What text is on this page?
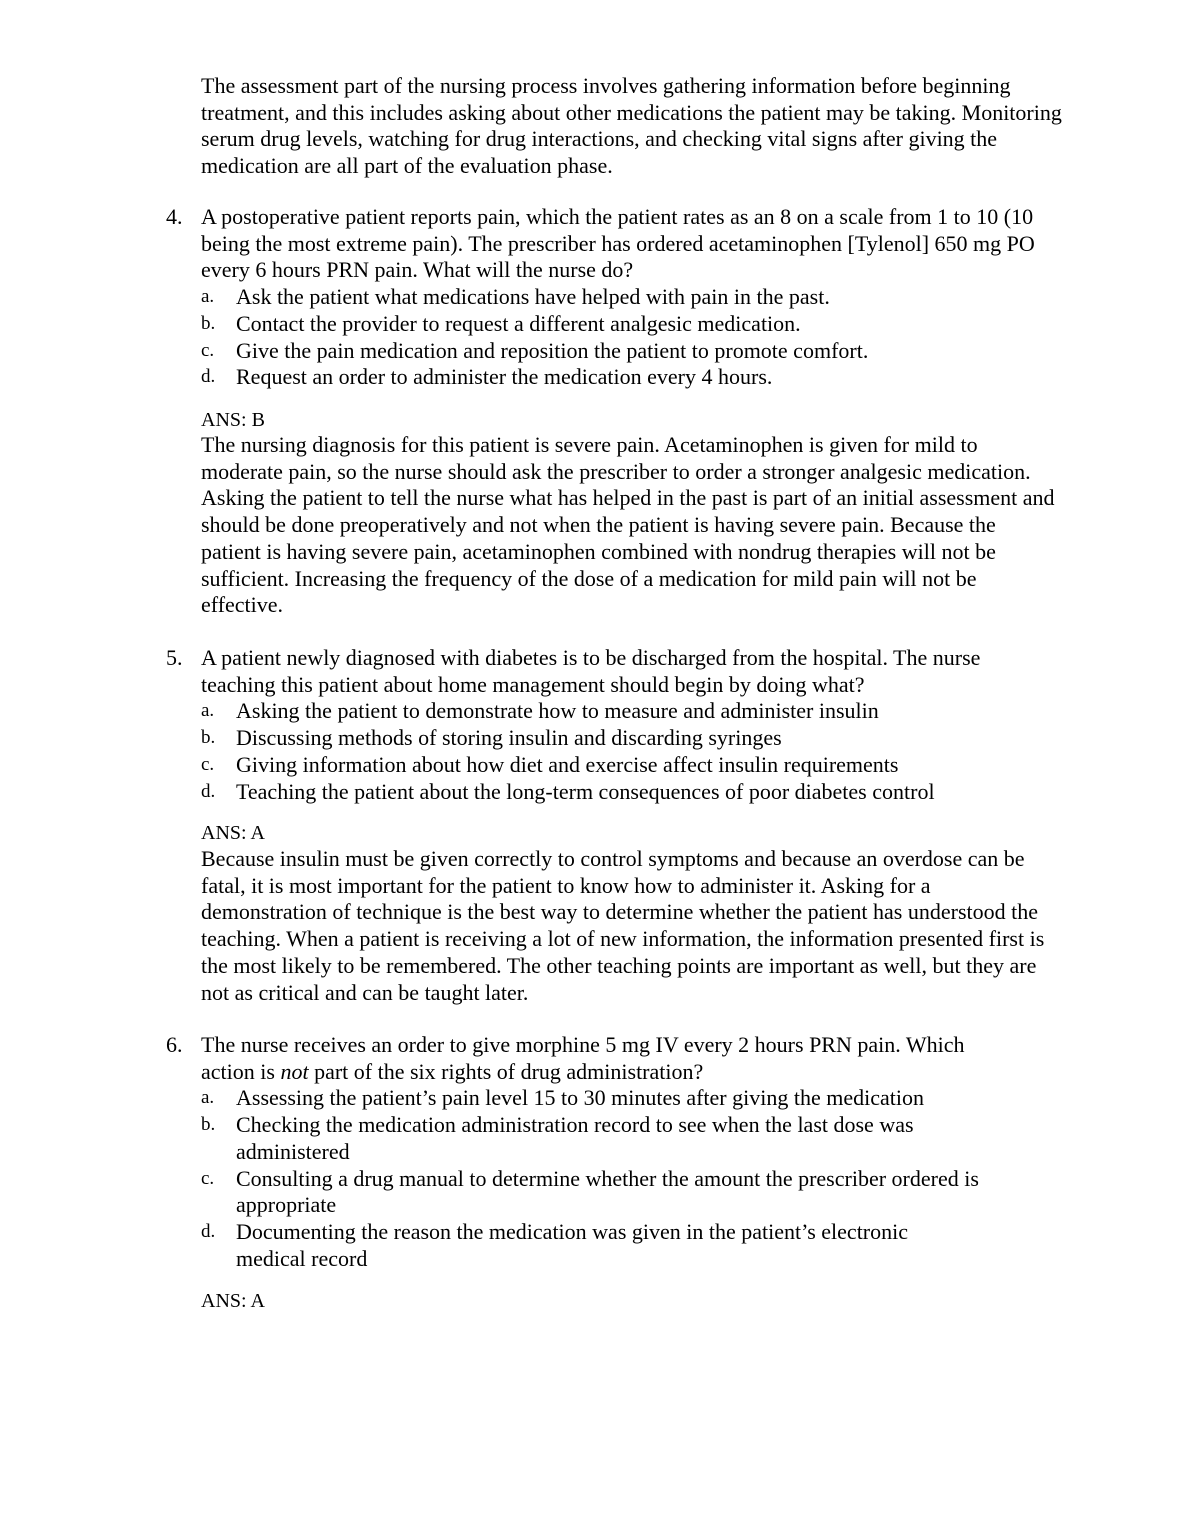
The assessment part of the nursing process involves gathering information before beginning treatment, and this includes asking about other medications the patient may be taking. Monitoring serum drug levels, watching for drug interactions, and checking vital signs after giving the medication are all part of the evaluation phase.

4. A postoperative patient reports pain, which the patient rates as an 8 on a scale from 1 to 10 (10 being the most extreme pain). The prescriber has ordered acetaminophen [Tylenol] 650 mg PO every 6 hours PRN pain. What will the nurse do?

a. Ask the patient what medications have helped with pain in the past.
b. Contact the provider to request a different analgesic medication.
c. Give the pain medication and reposition the patient to promote comfort.
d. Request an order to administer the medication every 4 hours.

ANS: B

The nursing diagnosis for this patient is severe pain. Acetaminophen is given for mild to moderate pain, so the nurse should ask the prescriber to order a stronger analgesic medication. Asking the patient to tell the nurse what has helped in the past is part of an initial assessment and should be done preoperatively and not when the patient is having severe pain. Because the patient is having severe pain, acetaminophen combined with nondrug therapies will not be sufficient. Increasing the frequency of the dose of a medication for mild pain will not be effective.

5. A patient newly diagnosed with diabetes is to be discharged from the hospital. The nurse teaching this patient about home management should begin by doing what?

a. Asking the patient to demonstrate how to measure and administer insulin
b. Discussing methods of storing insulin and discarding syringes
c. Giving information about how diet and exercise affect insulin requirements
d. Teaching the patient about the long-term consequences of poor diabetes control

ANS: A

Because insulin must be given correctly to control symptoms and because an overdose can be fatal, it is most important for the patient to know how to administer it. Asking for a demonstration of technique is the best way to determine whether the patient has understood the teaching. When a patient is receiving a lot of new information, the information presented first is the most likely to be remembered. The other teaching points are important as well, but they are not as critical and can be taught later.

6. The nurse receives an order to give morphine 5 mg IV every 2 hours PRN pain. Which action is not part of the six rights of drug administration?

a. Assessing the patient’s pain level 15 to 30 minutes after giving the medication
b. Checking the medication administration record to see when the last dose was administered
c. Consulting a drug manual to determine whether the amount the prescriber ordered is appropriate
d. Documenting the reason the medication was given in the patient’s electronic medical record

ANS: A
